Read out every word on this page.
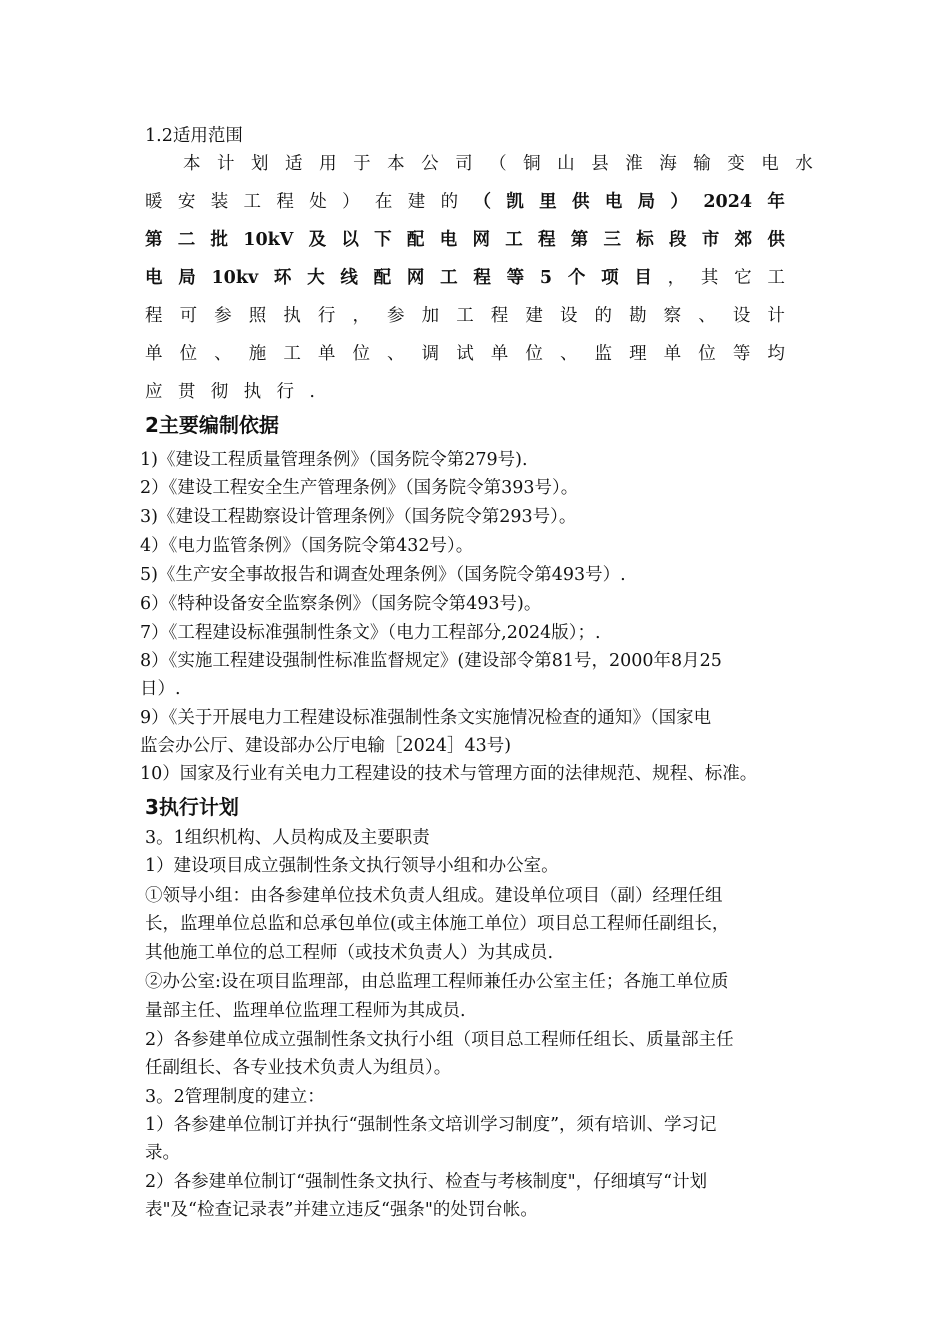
1.2适用范围
本 计 划 适 用 于 本 公 司 （ 铜 山 县 淮 海 输 变 电 水
暖 安 装 工 程 处 ） 在 建 的 （ 凯 里 供 电 局 ） 2024 年
第 二 批 10kV 及 以 下 配 电 网 工 程 第 三 标 段 市 郊 供
电 局 10kv 环 大 线 配 网 工 程 等 5 个 项 目 ， 其 它 工
程 可 参 照 执 行 ， 参 加 工 程 建 设 的 勘 察 、 设 计
单 位 、 施 工 单 位 、 调 试 单 位 、 监 理 单 位 等 均
应 贯 彻 执 行 .
2主要编制依据
3执行计划
1)《建设工程质量管理条例》（国务院令第279号).
2）《建设工程安全生产管理条例》（国务院令第393号）。
3)《建设工程勘察设计管理条例》（国务院令第293号）。
4）《电力监管条例》（国务院令第432号）。
5)《生产安全事故报告和调查处理条例》（国务院令第493号）.
6）《特种设备安全监察条例》（国务院令第493号)。
7）《工程建设标准强制性条文》（电力工程部分,2024版）；.
8）《实施工程建设强制性标准监督规定》(建设部令第81号，2000年8月25
日）.
9）《关于开展电力工程建设标准强制性条文实施情况检查的通知》（国家电
监会办公厅、建设部办公厅电输［2024］43号)
10）国家及行业有关电力工程建设的技术与管理方面的法律规范、规程、标准。
3。1组织机构、人员构成及主要职责
1）建设项目成立强制性条文执行领导小组和办公室。
①领导小组：由各参建单位技术负责人组成。建设单位项目（副）经理任组
长，监理单位总监和总承包单位(或主体施工单位）项目总工程师任副组长，
其他施工单位的总工程师（或技术负责人）为其成员.
②办公室:设在项目监理部，由总监理工程师兼任办公室主任；各施工单位质
量部主任、监理单位监理工程师为其成员.
2）各参建单位成立强制性条文执行小组（项目总工程师任组长、质量部主任
任副组长、各专业技术负责人为组员）。
3。2管理制度的建立：
1）各参建单位制订并执行“强制性条文培训学习制度”，须有培训、学习记
录。
2）各参建单位制订“强制性条文执行、检查与考核制度"，仔细填写“计划
表"及“检查记录表”并建立违反“强条"的处罚台帐。
